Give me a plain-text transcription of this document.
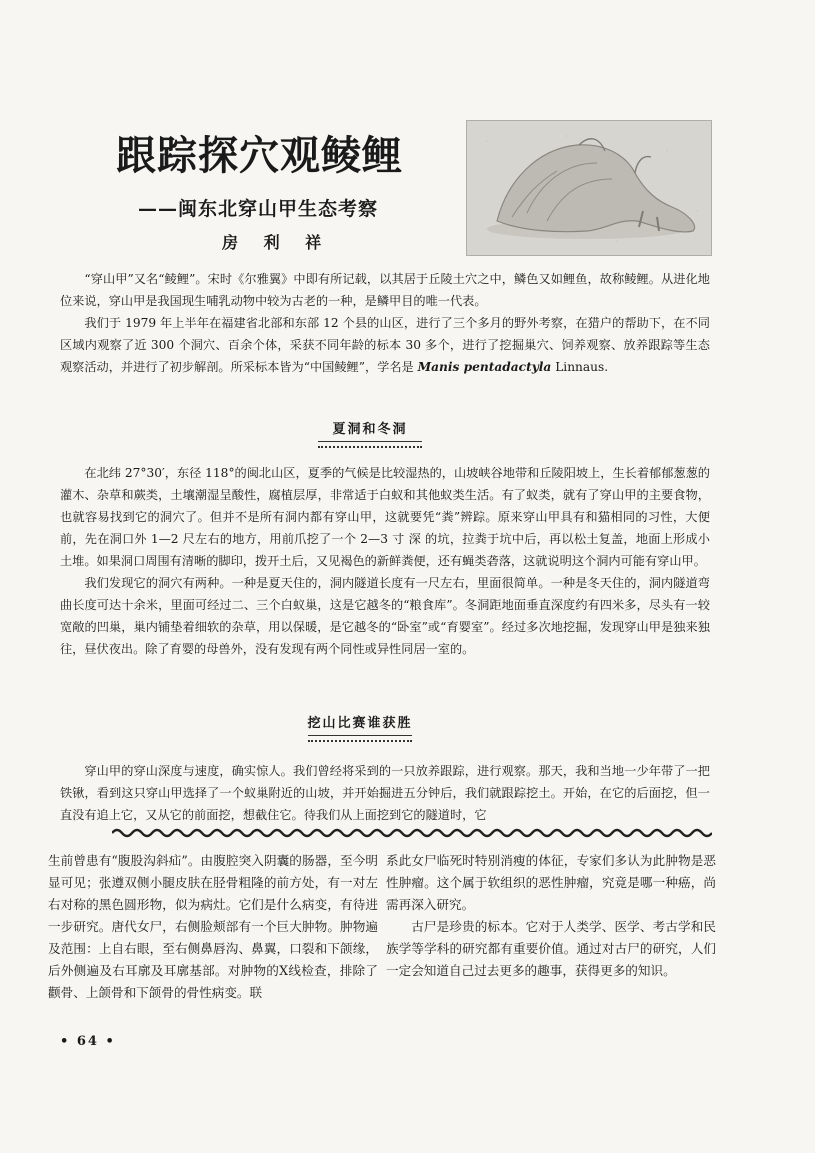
跟踪探穴观鲮鲤
——闽东北穿山甲生态考察
房 利 祥

“穿山甲”又名“鲮鲤”。宋时《尔雅翼》中即有所记载，以其居于丘陵土穴之中，鳞色又如鲤鱼，故称鲮鲤。从进化地位来说，穿山甲是我国现生哺乳动物中较为古老的一种，是鳞甲目的唯一代表。

我们于 1979 年上半年在福建省北部和东部 12 个县的山区，进行了三个多月的野外考察，在猎户的帮助下，在不同区域内观察了近 300 个洞穴、百余个体，采获不同年龄的标本 30 多个，进行了挖掘巢穴、饲养观察、放养跟踪等生态观察活动，并进行了初步解剖。所采标本皆为“中国鲮鲤”，学名是 Manis pentadactyla Linnaus.

夏洞和冬洞

在北纬 27°30′，东径 118°的闽北山区，夏季的气候是比较湿热的，山坡峡谷地带和丘陵阳坡上，生长着郁郁葱葱的灌木、杂草和蕨类，土壤潮湿呈酸性，腐植层厚，非常适于白蚁和其他蚁类生活。有了蚁类，就有了穿山甲的主要食物，也就容易找到它的洞穴了。但并不是所有洞内都有穿山甲，这就要凭“粪”辨踪。原来穿山甲具有和猫相同的习性，大便前，先在洞口外 1—2 尺左右的地方，用前爪挖了一个 2—3 寸 深 的坑，拉粪于坑中后，再以松土复盖，地面上形成小土堆。如果洞口周围有清晰的脚印，拨开土后，又见褐色的新鲜粪便，还有蝇类砻落，这就说明这个洞内可能有穿山甲。

我们发现它的洞穴有两种。一种是夏天住的，洞内隧道长度有一尺左右，里面很简单。一种是冬天住的，洞内隧道弯曲长度可达十余米，里面可经过二、三个白蚁巢，这是它越冬的“粮食库”。冬洞距地面垂直深度约有四米多，尽头有一较宽敞的凹巢，巢内铺垫着细软的杂草，用以保暖，是它越冬的“卧室”或“育婴室”。经过多次地挖掘，发现穿山甲是独来独往，昼伏夜出。除了育婴的母兽外，没有发现有两个同性或异性同居一室的。

挖山比赛谁获胜

穿山甲的穿山深度与速度，确实惊人。我们曾经将采到的一只放养跟踪，进行观察。那天，我和当地一少年带了一把铁锹，看到这只穿山甲选择了一个蚁巢附近的山坡，并开始掘进五分钟后，我们就跟踪挖土。开始，在它的后面挖，但一直没有追上它，又从它的前面挖，想截住它。待我们从上面挖到它的隧道时，它

生前曾患有“腹股沟斜疝”。由腹腔突入阴囊的肠器，至今明显可见；张遵双侧小腿皮肤在胫骨粗隆的前方处，有一对左右对称的黑色圆形物，似为病灶。它们是什么病变，有待进一步研究。唐代女尸，右侧脸颊部有一个巨大肿物。肿物遍及范围：上自右眼，至右侧鼻唇沟、鼻翼，口裂和下颌缘，后外侧遍及右耳廓及耳廓基部。对肿物的X线检查，排除了颧骨、上颌骨和下颌骨的骨性病变。联

系此女尸临死时特别消瘦的体征，专家们多认为此肿物是恶性肿瘤。这个属于软组织的恶性肿瘤，究竟是哪一种癌，尚需再深入研究。

古尸是珍贵的标本。它对于人类学、医学、考古学和民族学等学科的研究都有重要价值。通过对古尸的研究，人们一定会知道自己过去更多的趣事，获得更多的知识。

• 64 •
